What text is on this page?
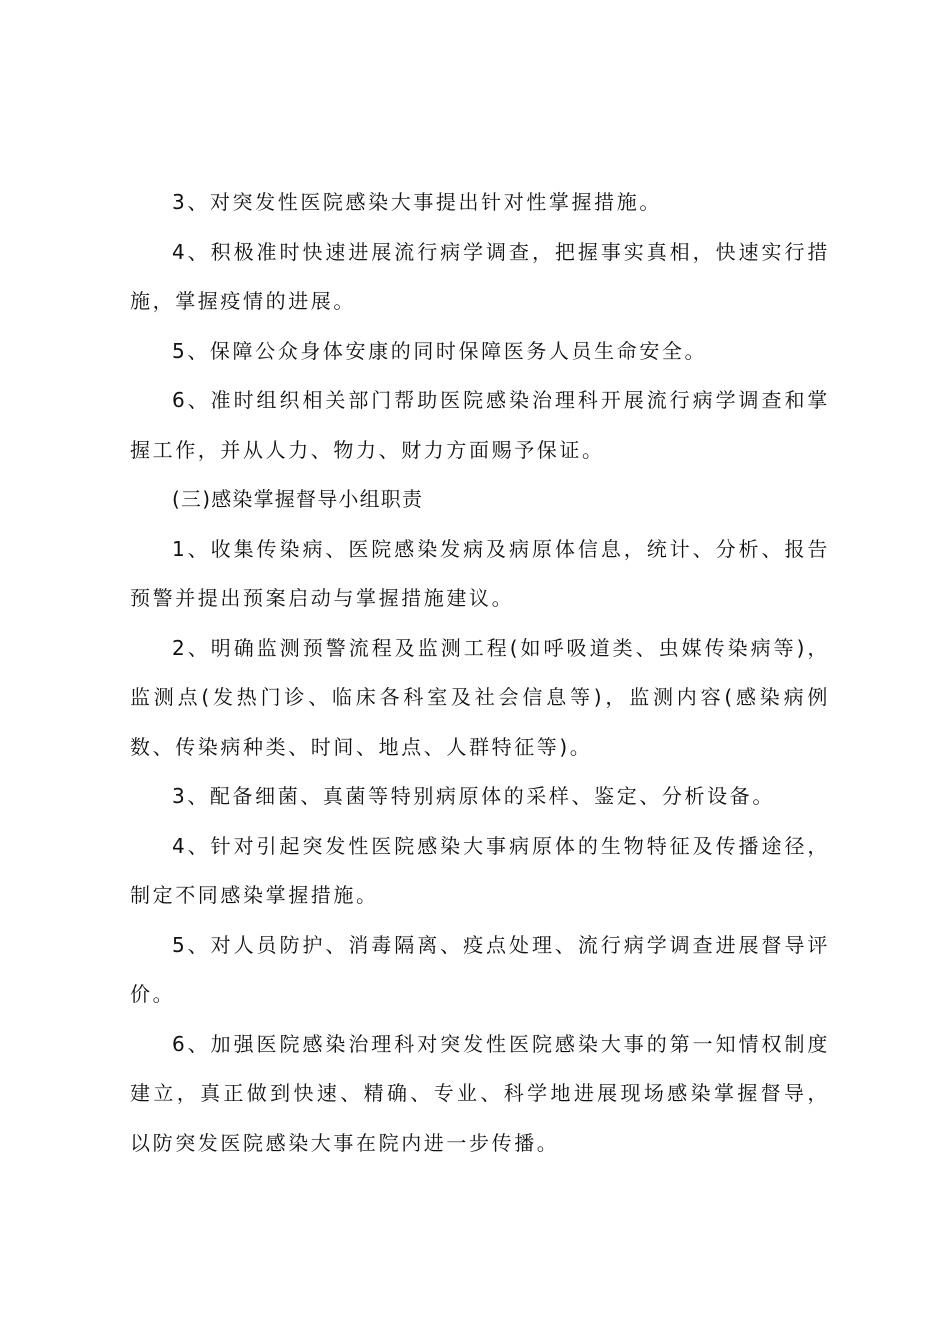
3、对突发性医院感染大事提出针对性掌握措施。

4、积极准时快速进展流行病学调查，把握事实真相，快速实行措施，掌握疫情的进展。

5、保障公众身体安康的同时保障医务人员生命安全。

6、准时组织相关部门帮助医院感染治理科开展流行病学调查和掌握工作，并从人力、物力、财力方面赐予保证。

(三)感染掌握督导小组职责

1、收集传染病、医院感染发病及病原体信息，统计、分析、报告预警并提出预案启动与掌握措施建议。

2、明确监测预警流程及监测工程(如呼吸道类、虫媒传染病等)，监测点(发热门诊、临床各科室及社会信息等)，监测内容(感染病例数、传染病种类、时间、地点、人群特征等)。

3、配备细菌、真菌等特别病原体的采样、鉴定、分析设备。

4、针对引起突发性医院感染大事病原体的生物特征及传播途径，制定不同感染掌握措施。

5、对人员防护、消毒隔离、疫点处理、流行病学调查进展督导评价。

6、加强医院感染治理科对突发性医院感染大事的第一知情权制度建立，真正做到快速、精确、专业、科学地进展现场感染掌握督导，以防突发医院感染大事在院内进一步传播。
